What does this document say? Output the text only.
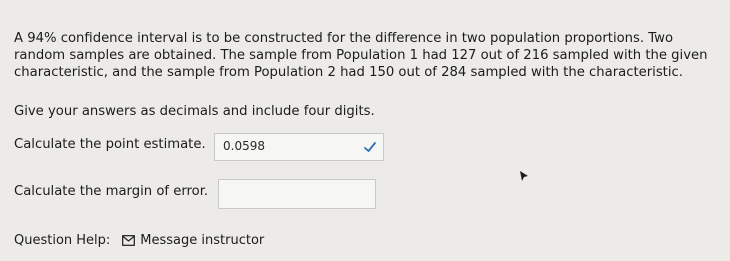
A 94% confidence interval is to be constructed for the difference in two population proportions. Two random samples are obtained. The sample from Population 1 had 127 out of 216 sampled with the given characteristic, and the sample from Population 2 had 150 out of 284 sampled with the characteristic.

Give your answers as decimals and include four digits.

Calculate the point estimate. 0.0598
Calculate the margin of error.
Question Help: Message instructor
